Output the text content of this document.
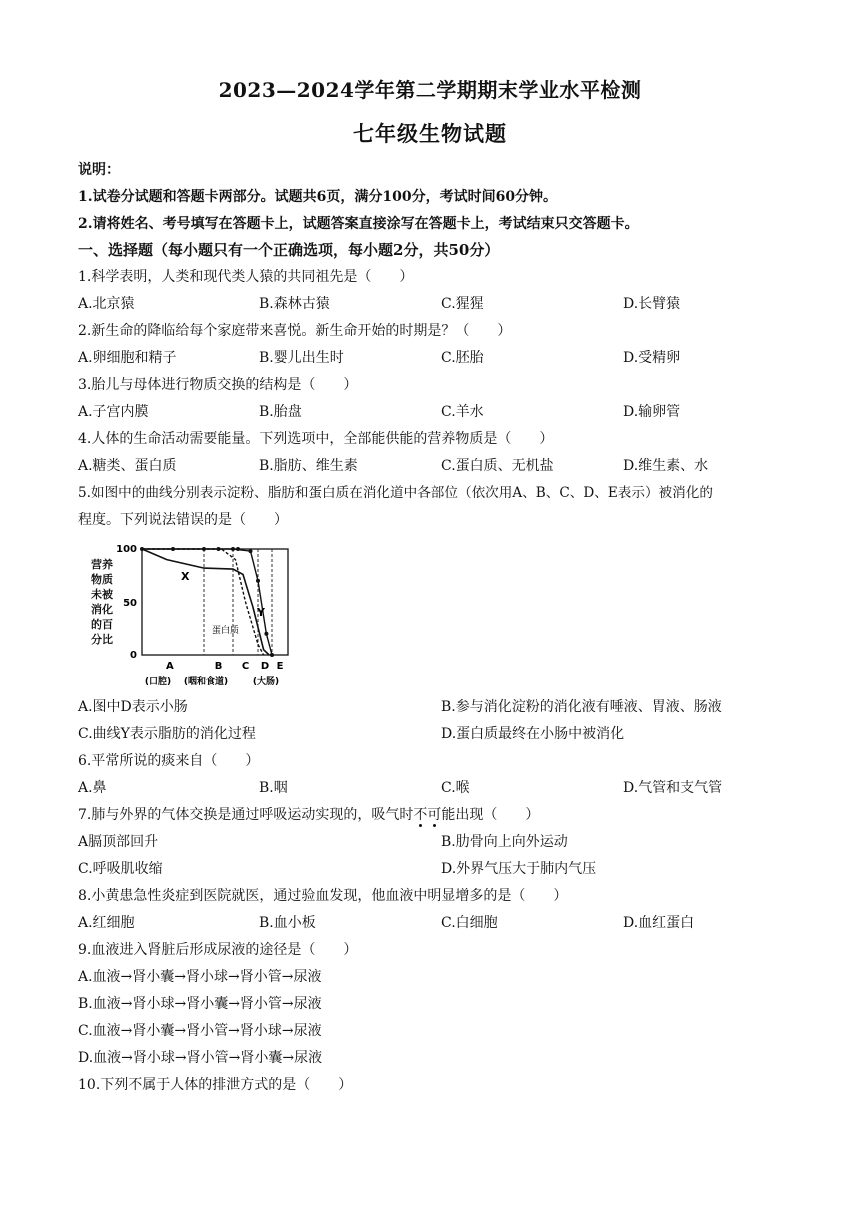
2023—2024学年第二学期期末学业水平检测
七年级生物试题
说明：
1.试卷分试题和答题卡两部分。试题共6页，满分100分，考试时间60分钟。
2.请将姓名、考号填写在答题卡上，试题答案直接涂写在答题卡上，考试结束只交答题卡。
一、选择题（每小题只有一个正确选项，每小题2分，共50分）
1.科学表明，人类和现代类人猿的共同祖先是（　　）
A.北京猿	B.森林古猿	C.猩猩	D.长臂猿
2.新生命的降临给每个家庭带来喜悦。新生命开始的时期是？（　　）
A.卵细胞和精子	B.婴儿出生时	C.胚胎	D.受精卵
3.胎儿与母体进行物质交换的结构是（　　）
A.子宫内膜	B.胎盘	C.羊水	D.输卵管
4.人体的生命活动需要能量。下列选项中，全部能供能的营养物质是（　　）
A.糖类、蛋白质	B.脂肪、维生素	C.蛋白质、无机盐	D.维生素、水
5.如图中的曲线分别表示淀粉、脂肪和蛋白质在消化道中各部位（依次用A、B、C、D、E表示）被消化的
程度。下列说法错误的是（　　）
营养
物质
未被
消化
的百
分比
100
50
0
X
Y
蛋白质
A	B C D E
(口腔) (咽和食道)	(大肠)
A.图中D表示小肠	B.参与消化淀粉的消化液有唾液、胃液、肠液
C.曲线Y表示脂肪的消化过程	D.蛋白质最终在小肠中被消化
6.平常所说的痰来自（　　）
A.鼻	B.咽	C.喉	D.气管和支气管
7.肺与外界的气体交换是通过呼吸运动实现的，吸气时不可能出现（　　）
A膈顶部回升	B.肋骨向上向外运动
C.呼吸肌收缩	D.外界气压大于肺内气压
8.小黄患急性炎症到医院就医，通过验血发现，他血液中明显增多的是（　　）
A.红细胞	B.血小板	C.白细胞	D.血红蛋白
9.血液进入肾脏后形成尿液的途径是（　　）
A.血液→肾小囊→肾小球→肾小管→尿液
B.血液→肾小球→肾小囊→肾小管→尿液
C.血液→肾小囊→肾小管→肾小球→尿液
D.血液→肾小球→肾小管→肾小囊→尿液
10.下列不属于人体的排泄方式的是（　　）
